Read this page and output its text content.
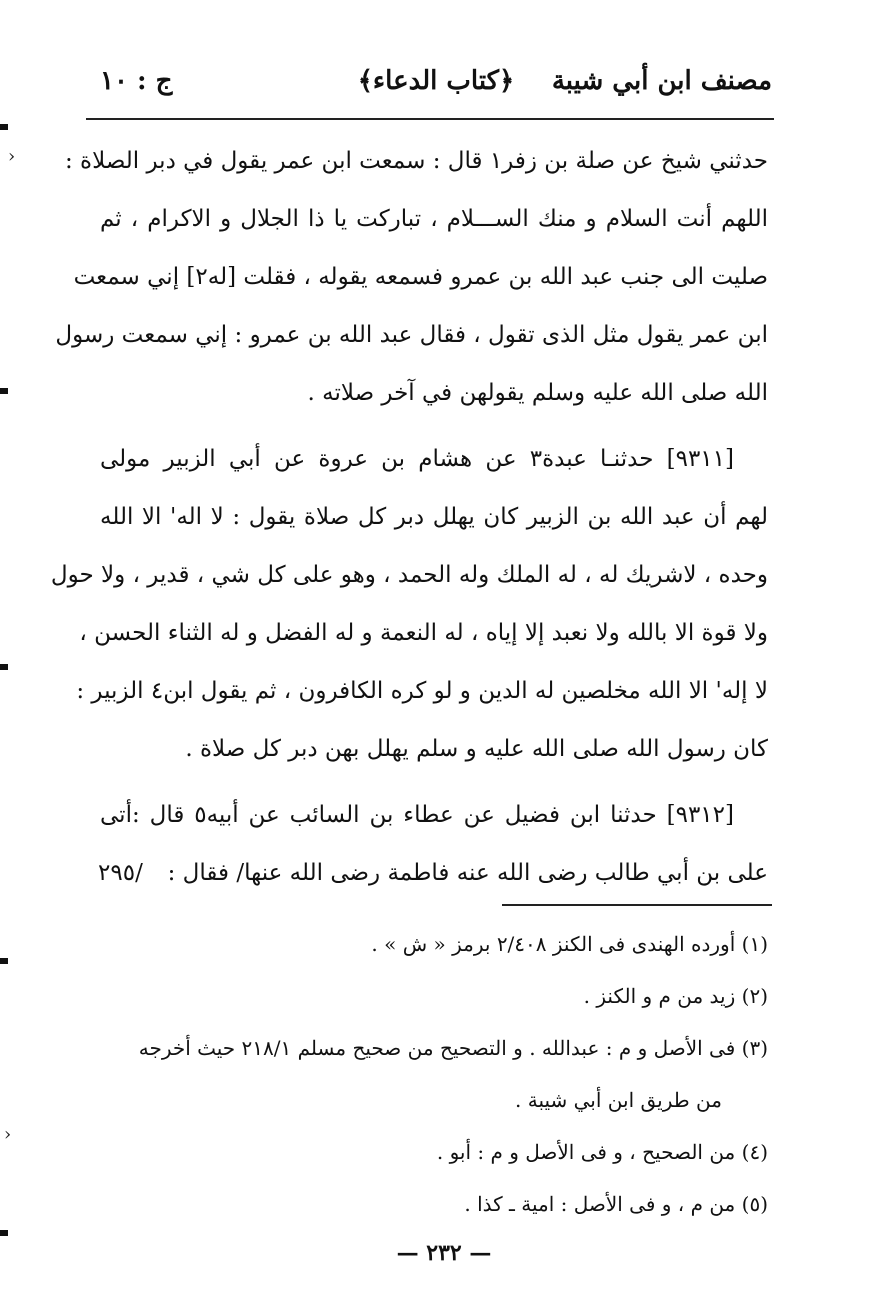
مصنف ابن أبي شيبة
﴿كتاب الدعاء﴾
ج : ١٠

حدثني شيخ عن صلة بن زفر١ قال : سمعت ابن عمر يقول في دبر الصلاة :
اللهم أنت السلام و منك الســـلام ، تباركت يا ذا الجلال و الاكرام ، ثم
صليت الى جنب عبد الله بن عمرو فسمعه يقوله ، فقلت [له٢] إني سمعت
ابن عمر يقول مثل الذى تقول ، فقال عبد الله بن عمرو : إني سمعت رسول
الله صلى الله عليه وسلم يقولهن في آخر صلاته .

[٩٣١١] حدثنـا عبدة٣ عن هشام بن عروة عن أبي الزبير مولى
لهم أن عبد الله بن الزبير كان يهلل دبر كل صلاة يقول : لا اله' الا الله
وحده ، لاشريك له ، له الملك وله الحمد ، وهو على كل شي ، قدير ، ولا حول
ولا قوة الا بالله ولا نعبد إلا إياه ، له النعمة و له الفضل و له الثناء الحسن ،
لا إله' الا الله مخلصين له الدين و لو كره الكافرون ، ثم يقول ابن٤ الزبير :
كان رسول الله صلى الله عليه و سلم يهلل بهن دبر كل صلاة .

[٩٣١٢] حدثنا ابن فضيل عن عطاء بن السائب عن أبيه٥ قال :أتى
على بن أبي طالب رضى الله عنه فاطمة رضى الله عنها/ فقال :
٢٩٥/

(١) أورده الهندى فى الكنز ٢/٤٠٨ برمز « ش » .
(٢) زيد من م و الكنز .
(٣) فى الأصل و م : عبدالله . و التصحيح من صحيح مسلم ٢١٨/١ حيث أخرجه
من طريق ابن أبي شيبة .
(٤) من الصحيح ، و فى الأصل و م : أبو .
(٥) من م ، و فى الأصل : امية ـ كذا .
— ٢٣٢ —
›
›
